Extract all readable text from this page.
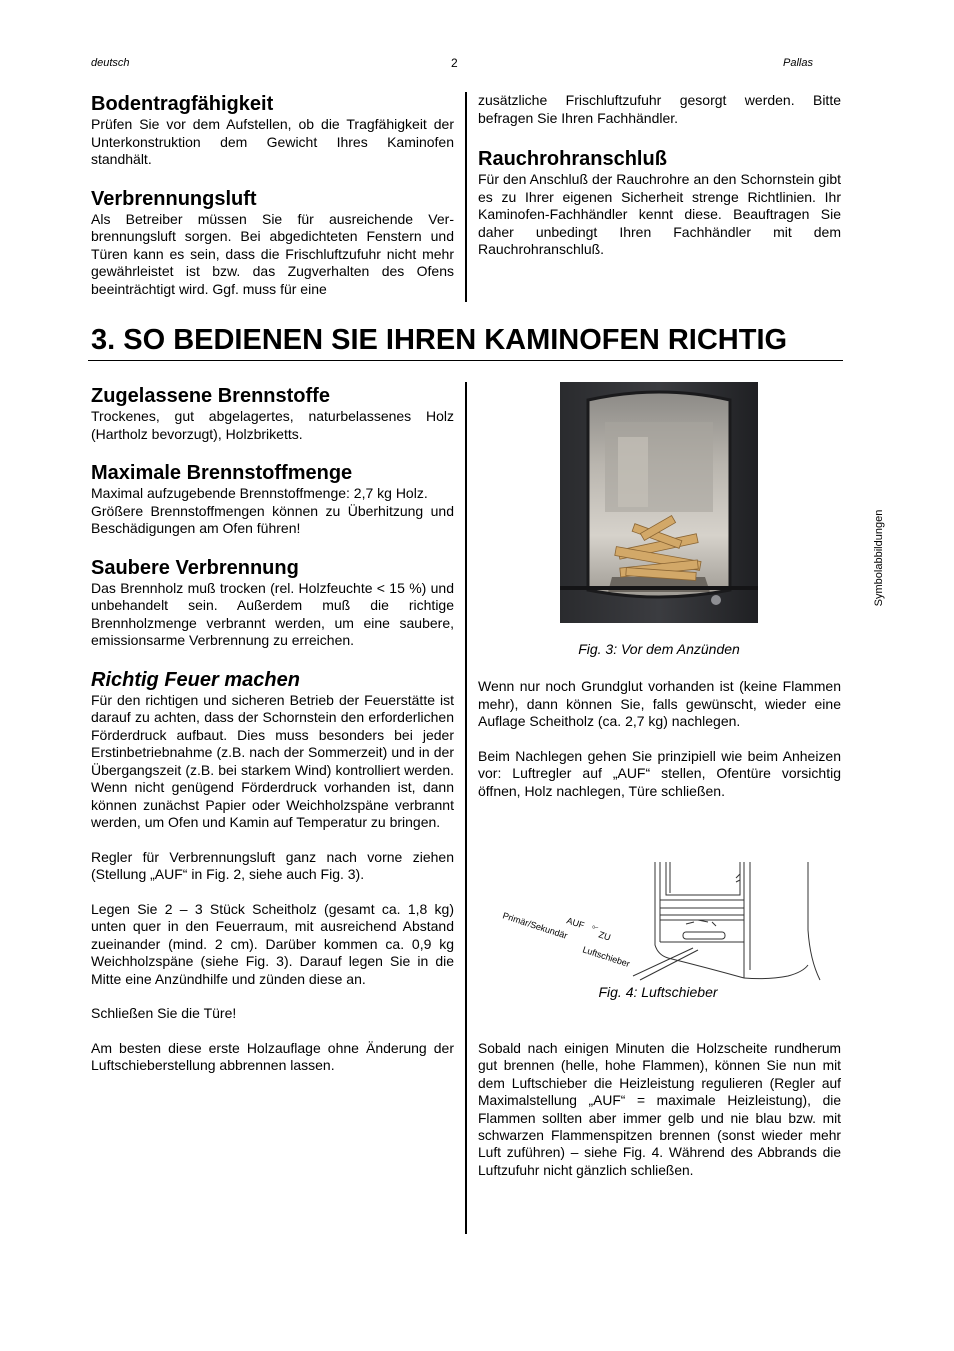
deutsch	2	Pallas
Bodentragfähigkeit
Prüfen Sie vor dem Aufstellen, ob die Tragfähigkeit der Unterkonstruktion dem Gewicht Ihres Kaminofen standhält.
Verbrennungsluft
Als Betreiber müssen Sie für ausreichende Ver-brennungsluft sorgen. Bei abgedichteten Fenstern und Türen kann es sein, dass die Frischluftzufuhr nicht mehr gewährleistet ist bzw. das Zugverhalten des Ofens beeinträchtigt wird. Ggf. muss für eine
zusätzliche Frischluftzufuhr gesorgt werden. Bitte befragen Sie Ihren Fachhändler.
Rauchrohranschluß
Für den Anschluß der Rauchrohre an den Schornstein gibt es zu Ihrer eigenen Sicherheit strenge Richtlinien. Ihr Kaminofen-Fachhändler kennt diese. Beauftragen Sie daher unbedingt Ihren Fachhändler mit dem Rauchrohranschluß.
3. SO BEDIENEN SIE IHREN KAMINOFEN RICHTIG
Zugelassene Brennstoffe
Trockenes, gut abgelagertes, naturbelassenes Holz (Hartholz bevorzugt), Holzbriketts.
Maximale Brennstoffmenge
Maximal aufzugebende Brennstoffmenge: 2,7 kg Holz.
Größere Brennstoffmengen können zu Überhitzung und Beschädigungen am Ofen führen!
Saubere Verbrennung
Das Brennholz muß trocken (rel. Holzfeuchte < 15 %) und unbehandelt sein. Außerdem muß die richtige Brennholzmenge verbrannt werden, um eine saubere, emissionsarme Verbrennung zu erreichen.
Richtig Feuer machen
Für den richtigen und sicheren Betrieb der Feuerstätte ist darauf zu achten, dass der Schornstein den erforderlichen Förderdruck aufbaut. Dies muss besonders bei jeder Erstinbetriebnahme (z.B. nach der Sommerzeit) und in der Übergangszeit (z.B. bei starkem Wind) kontrolliert werden. Wenn nicht genügend Förderdruck vorhanden ist, dann können zunächst Papier oder Weichholzspäne verbrannt werden, um Ofen und Kamin auf Temperatur zu bringen.
Regler für Verbrennungsluft ganz nach vorne ziehen (Stellung „AUF“ in Fig. 2, siehe auch Fig. 3).
Legen Sie 2 – 3 Stück Scheitholz (gesamt ca. 1,8 kg) unten quer in den Feuerraum, mit ausreichend Abstand zueinander (mind. 2 cm). Darüber kommen ca. 0,9 kg Weichholzspäne (siehe Fig. 3). Darauf legen Sie in die Mitte eine Anzündhilfe und zünden diese an.
Schließen Sie die Türe!
Am besten diese erste Holzauflage ohne Änderung der Luftschieberstellung abbrennen lassen.
Fig. 3: Vor dem Anzünden
Wenn nur noch Grundglut vorhanden ist (keine Flammen mehr), dann können Sie, falls gewünscht, wieder eine Auflage Scheitholz (ca. 2,7 kg) nachlegen.
Beim Nachlegen gehen Sie prinzipiell wie beim Anheizen vor: Luftregler auf „AUF“ stellen, Ofentüre vorsichtig öffnen, Holz nachlegen, Türe schließen.
AUF ⟜
ZU
Primär/Sekundär
Luftschieber
Fig. 4: Luftschieber
Sobald nach einigen Minuten die Holzscheite rundherum gut brennen (helle, hohe Flammen), können Sie nun mit dem Luftschieber die Heizleistung regulieren (Regler auf Maximalstellung „AUF“ = maximale Heizleistung), die Flammen sollten aber immer gelb und nie blau bzw. mit schwarzen Flammenspitzen brennen (sonst wieder mehr Luft zuführen) – siehe Fig. 4. Während des Abbrands die Luftzufuhr nicht gänzlich schließen.
Symbolabbildungen
